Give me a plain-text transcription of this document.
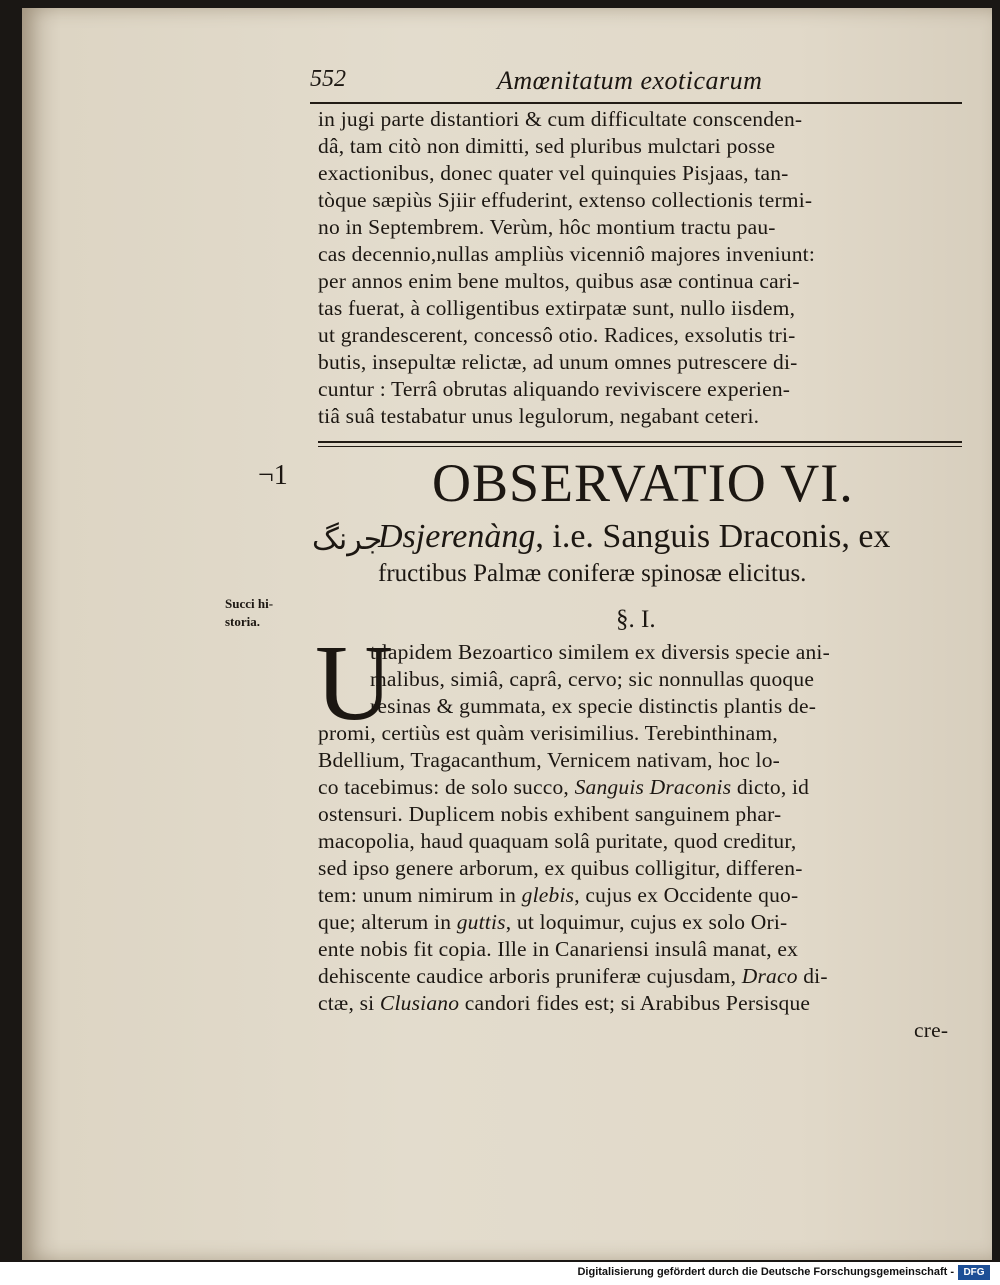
552	Amœnitatum exoticarum
in jugi parte distantiori & cum difficultate conscenden-
dâ, tam citò non dimitti, sed pluribus mulctari posse
exactionibus, donec quater vel quinquies Pisjaas, tan-
tòque sæpiùs Sjiir effuderint, extenso collectionis termi-
no in Septembrem. Verùm, hôc montium tractu pau-
cas decennio,nullas ampliùs vicenniô majores inveniunt:
per annos enim bene multos, quibus asæ continua cari-
tas fuerat, à colligentibus extirpatæ sunt, nullo iisdem,
ut grandescerent, concessô otio. Radices, exsolutis tri-
butis, insepultæ relictæ, ad unum omnes putrescere di-
cuntur : Terrâ obrutas aliquando reviviscere experien-
tiâ suâ testabatur unus legulorum, negabant ceteri.
¬1	OBSERVATIO VI.
ﺟﺮﻧﮓ
Dsjerenàng, i.e. Sanguis Draconis, ex
fructibus Palmæ coniferæ spinosæ elicitus.
Succi hi-
storia.	§. I.
U
t lapidem Bezoartico similem ex diversis specie ani-
malibus, simiâ, caprâ, cervo; sic nonnullas quoque
resinas & gummata, ex specie distinctis plantis de-
promi, certiùs est quàm verisimilius. Terebinthinam,
Bdellium, Tragacanthum, Vernicem nativam, hoc lo-
co tacebimus: de solo succo, Sanguis Draconis dicto, id
ostensuri. Duplicem nobis exhibent sanguinem phar-
macopolia, haud quaquam solâ puritate, quod creditur,
sed ipso genere arborum, ex quibus colligitur, differen-
tem: unum nimirum in glebis, cujus ex Occidente quo-
que; alterum in guttis, ut loquimur, cujus ex solo Ori-
ente nobis fit copia. Ille in Canariensi insulâ manat, ex
dehiscente caudice arboris pruniferæ cujusdam, Draco di-
ctæ, si Clusiano candori fides est; si Arabibus Persisque
cre-
Digitalisierung gefördert durch die Deutsche Forschungsgemeinschaft - DFG
